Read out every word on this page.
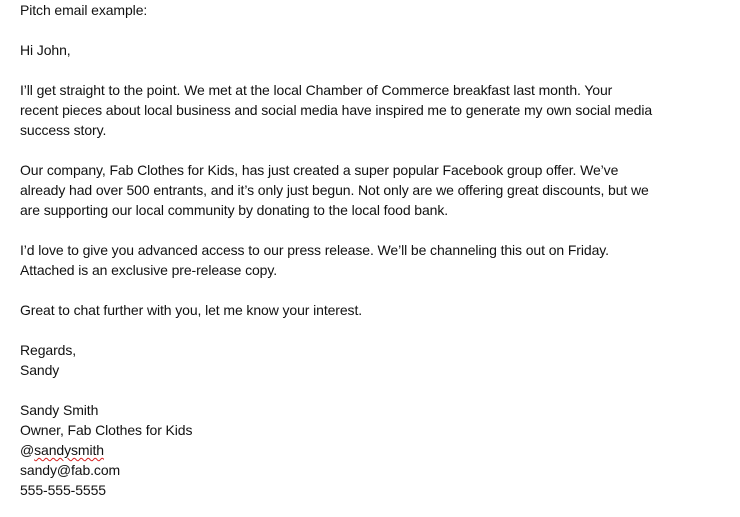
Pitch email example:
Hi John,
I’ll get straight to the point. We met at the local Chamber of Commerce breakfast last month. Your
recent pieces about local business and social media have inspired me to generate my own social media
success story.
Our company, Fab Clothes for Kids, has just created a super popular Facebook group offer. We’ve
already had over 500 entrants, and it’s only just begun. Not only are we offering great discounts, but we
are supporting our local community by donating to the local food bank.
I’d love to give you advanced access to our press release. We’ll be channeling this out on Friday.
Attached is an exclusive pre-release copy.
Great to chat further with you, let me know your interest.
Regards,
Sandy
Sandy Smith
Owner, Fab Clothes for Kids
@sandysmith
sandy@fab.com
555-555-5555
